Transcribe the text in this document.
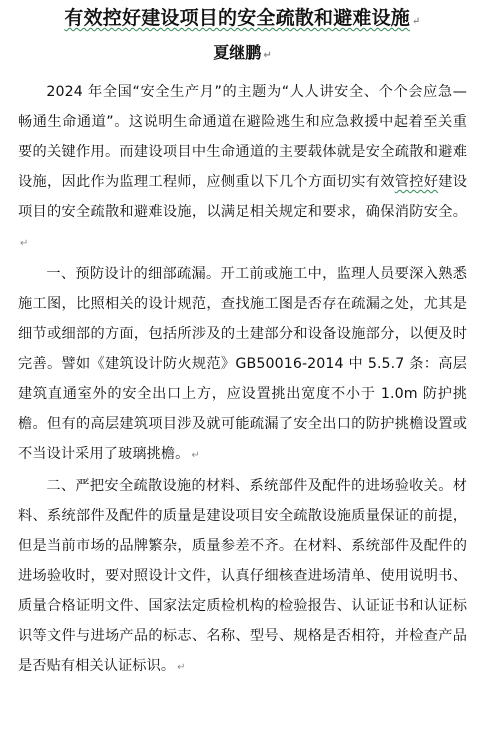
有效控好建设项目的安全疏散和避难设施 ↵
夏继鹏 ↵

2024 年全国“安全生产月”的主题为“人人讲安全、个个会应急—畅通生命通道”。这说明生命通道在避险逃生和应急救援中起着至关重要的关键作用。而建设项目中生命通道的主要载体就是安全疏散和避难设施，因此作为监理工程师，应侧重以下几个方面切实有效管控好建设项目的安全疏散和避难设施，以满足相关规定和要求，确保消防安全。↵

一、预防设计的细部疏漏。开工前或施工中，监理人员要深入熟悉施工图，比照相关的设计规范，查找施工图是否存在疏漏之处，尤其是细节或细部的方面，包括所涉及的土建部分和设备设施部分，以便及时完善。譬如《建筑设计防火规范》GB50016-2014 中 5.5.7 条：高层建筑直通室外的安全出口上方，应设置挑出宽度不小于 1.0m 防护挑檐。但有的高层建筑项目涉及就可能疏漏了安全出口的防护挑檐设置或不当设计采用了玻璃挑檐。 ↵

二、严把安全疏散设施的材料、系统部件及配件的进场验收关。材料、系统部件及配件的质量是建设项目安全疏散设施质量保证的前提，但是当前市场的品牌繁杂，质量参差不齐。在材料、系统部件及配件的进场验收时，要对照设计文件，认真仔细核查进场清单、使用说明书、质量合格证明文件、国家法定质检机构的检验报告、认证证书和认证标识等文件与进场产品的标志、名称、型号、规格是否相符，并检查产品是否贴有相关认证标识。 ↵
